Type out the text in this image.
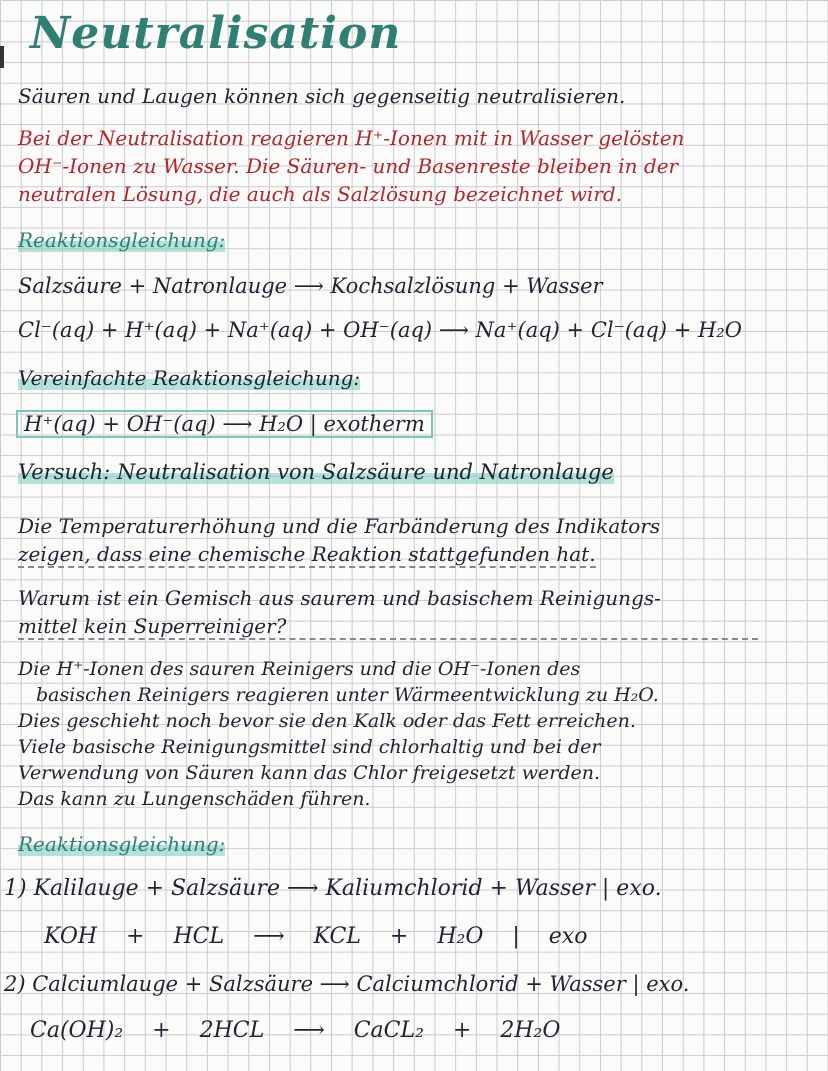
Neutralisation
Säuren und Laugen können sich gegenseitig neutralisieren.
Bei der Neutralisation reagieren H⁺-Ionen mit in Wasser gelösten
OH⁻-Ionen zu Wasser. Die Säuren- und Basenreste bleiben in der
neutralen Lösung, die auch als Salzlösung bezeichnet wird.
Reaktionsgleichung:
Salzsäure + Natronlauge ⟶ Kochsalzlösung + Wasser
Cl⁻(aq) + H⁺(aq) + Na⁺(aq) + OH⁻(aq) ⟶ Na⁺(aq) + Cl⁻(aq) + H₂O
Vereinfachte Reaktionsgleichung:
H⁺(aq) + OH⁻(aq) ⟶ H₂O | exotherm
Versuch: Neutralisation von Salzsäure und Natronlauge
Die Temperaturerhöhung und die Farbänderung des Indikators
zeigen, dass eine chemische Reaktion stattgefunden hat.
Warum ist ein Gemisch aus saurem und basischem Reinigungs-
mittel kein Superreiniger?
Die H⁺-Ionen des sauren Reinigers und die OH⁻-Ionen des
basischen Reinigers reagieren unter Wärmeentwicklung zu H₂O.
Dies geschieht noch bevor sie den Kalk oder das Fett erreichen.
Viele basische Reinigungsmittel sind chlorhaltig und bei der
Verwendung von Säuren kann das Chlor freigesetzt werden.
Das kann zu Lungenschäden führen.
Reaktionsgleichung:
1) Kalilauge + Salzsäure ⟶ Kaliumchlorid + Wasser | exo.
KOH + HCL ⟶ KCL + H₂O | exo
2) Calciumlauge + Salzsäure ⟶ Calciumchlorid + Wasser | exo.
Ca(OH)₂ + 2HCL ⟶ CaCL₂ + 2H₂O
